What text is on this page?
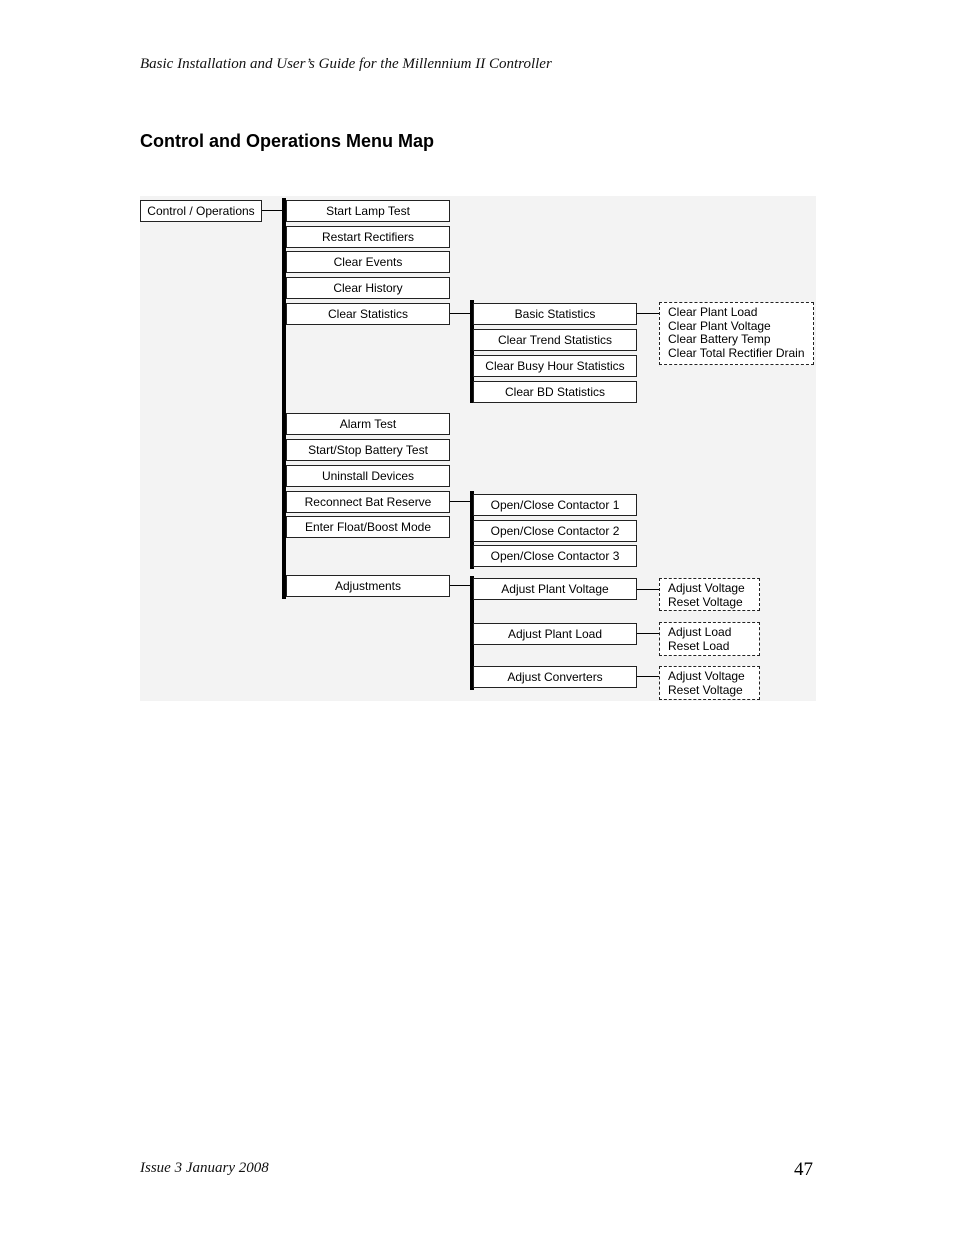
Basic Installation and User’s Guide for the Millennium II Controller
Control and Operations Menu Map
Control / Operations	Start Lamp Test
Restart Rectifiers
Clear Events
Clear History
Clear Statistics
Alarm Test
Start/Stop Battery Test
Uninstall Devices
Reconnect Bat Reserve
Enter Float/Boost Mode
Adjustments
Basic Statistics
Clear Trend Statistics
Clear Busy Hour Statistics
Clear BD Statistics
Clear Plant Load
Clear Plant Voltage
Clear Battery Temp
Clear Total Rectifier Drain
Open/Close Contactor 1
Open/Close Contactor 2
Open/Close Contactor 3
Adjust Plant Voltage
Adjust Plant Load
Adjust Converters
Adjust Voltage
Reset Voltage
Adjust Load
Reset Load
Adjust Voltage
Reset Voltage
Issue 3 January 2008	47
